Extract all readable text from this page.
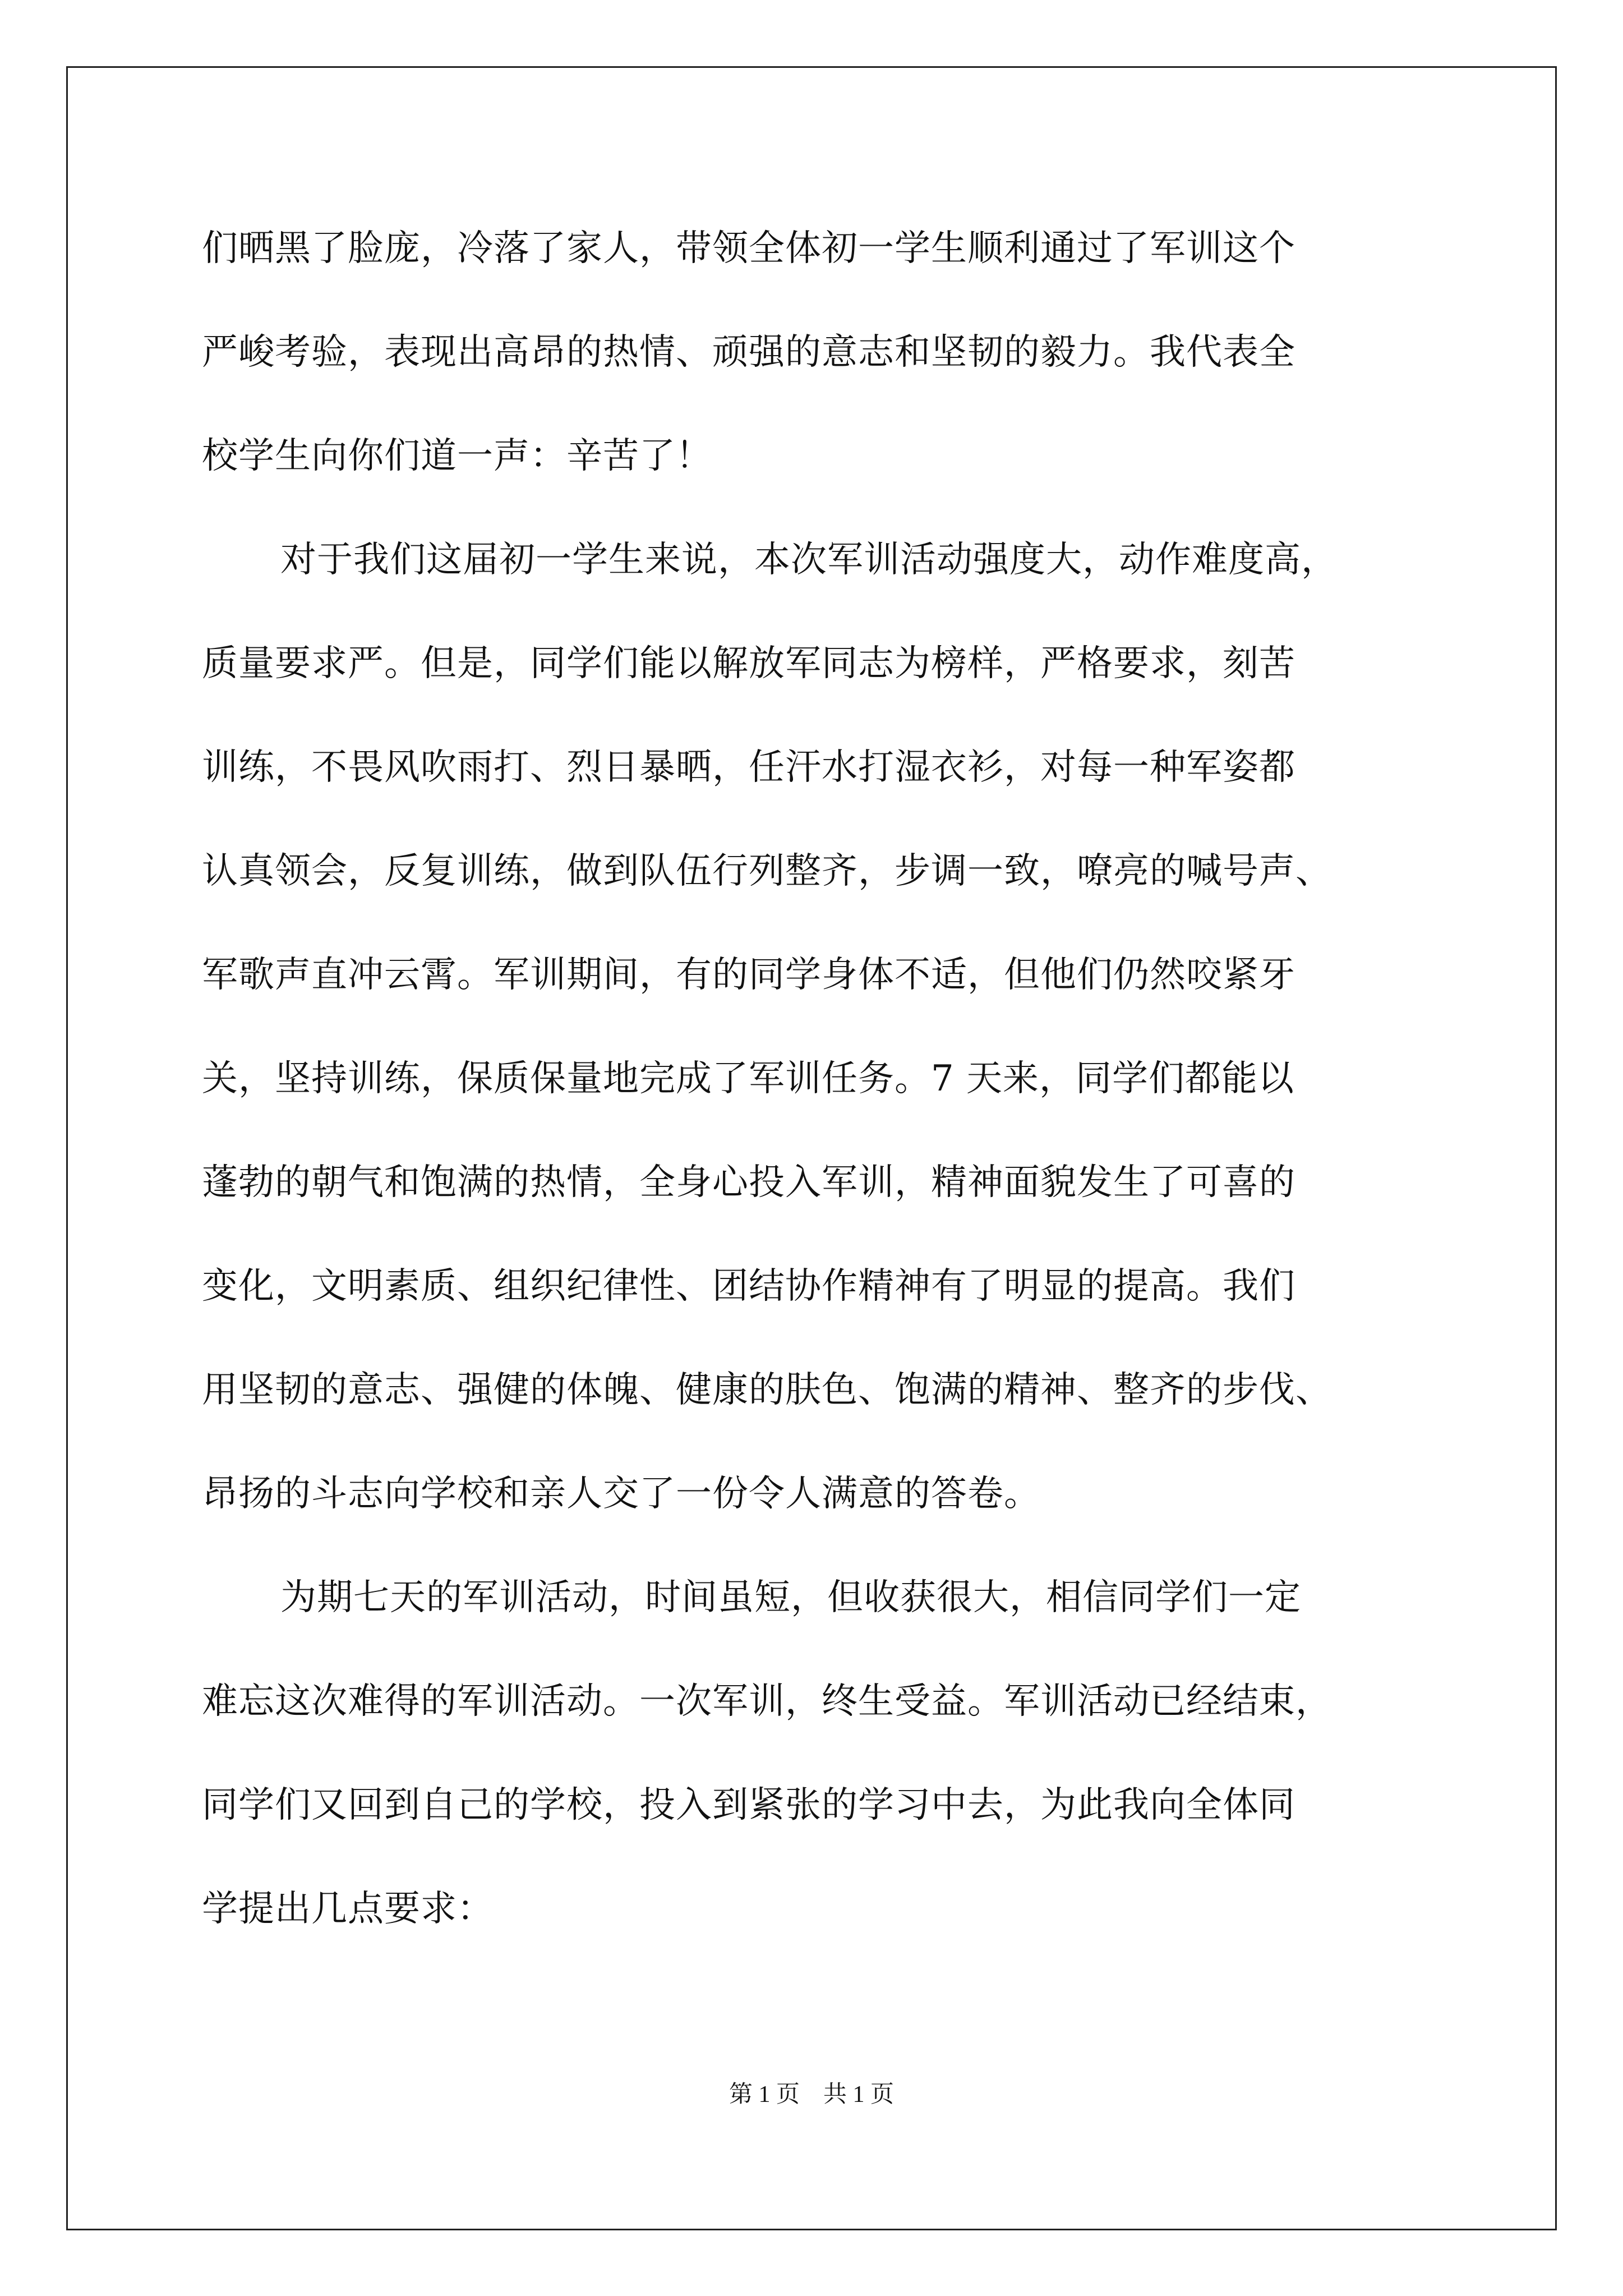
们晒黑了脸庞，冷落了家人，带领全体初一学生顺利通过了军训这个
严峻考验，表现出高昂的热情、顽强的意志和坚韧的毅力。我代表全
校学生向你们道一声：辛苦了！
对于我们这届初一学生来说，本次军训活动强度大，动作难度高，
质量要求严。但是，同学们能以解放军同志为榜样，严格要求，刻苦
训练，不畏风吹雨打、烈日暴晒，任汗水打湿衣衫，对每一种军姿都
认真领会，反复训练，做到队伍行列整齐，步调一致，嘹亮的喊号声、
军歌声直冲云霄。军训期间，有的同学身体不适，但他们仍然咬紧牙
关，坚持训练，保质保量地完成了军训任务。7 天来，同学们都能以
蓬勃的朝气和饱满的热情，全身心投入军训，精神面貌发生了可喜的
变化，文明素质、组织纪律性、团结协作精神有了明显的提高。我们
用坚韧的意志、强健的体魄、健康的肤色、饱满的精神、整齐的步伐、
昂扬的斗志向学校和亲人交了一份令人满意的答卷。
为期七天的军训活动，时间虽短，但收获很大，相信同学们一定
难忘这次难得的军训活动。一次军训，终生受益。军训活动已经结束，
同学们又回到自己的学校，投入到紧张的学习中去，为此我向全体同
学提出几点要求：
第 1 页　共 1 页
